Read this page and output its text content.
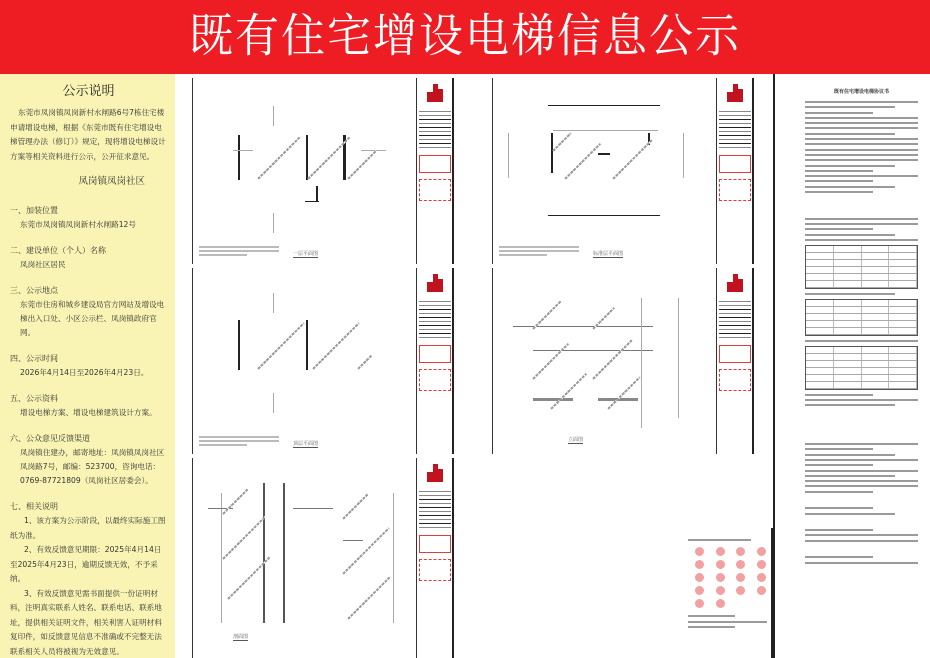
既有住宅增设电梯信息公示
公示说明
东莞市凤岗镇凤岗新村水闸路6号7栋住宅楼申请增设电梯，根据《东莞市既有住宅增设电梯管理办法（修订）》规定，现将增设电梯设计方案等相关资料进行公示，公开征求意见。
凤岗镇凤岗社区
一、加装位置
东莞市凤岗镇凤岗新村水闸路12号
二、建设单位（个人）名称
凤岗社区居民
三、公示地点
东莞市住房和城乡建设局官方网站及增设电梯出入口处、小区公示栏、凤岗镇政府官网。
四、公示时间
2026年4月14日至2026年4月23日。
五、公示资料
增设电梯方案、增设电梯建筑设计方案。
六、公众意见反馈渠道
凤岗镇住建办，邮寄地址：凤岗镇凤岗社区凤岗路7号，邮编：523700，咨询电话：0769-87721809（凤岗社区居委会）。
七、相关说明
1、该方案为公示阶段，以最终实际施工图纸为准。
2、有效反馈意见期限：2025年4月14日至2025年4月23日，逾期反馈无效，不予采纳。
3、有效反馈意见需书面提供一份证明材料，注明真实联系人姓名、联系电话、联系地址，提供相关证明文件，相关利害人证明材料复印件，如反馈意见信息不准确或不完整无法联系相关人员将被视为无效意见。
一层平面图	标准层平面图
顶层平面图
立面图
剖面图
既有住宅增设电梯协议书
